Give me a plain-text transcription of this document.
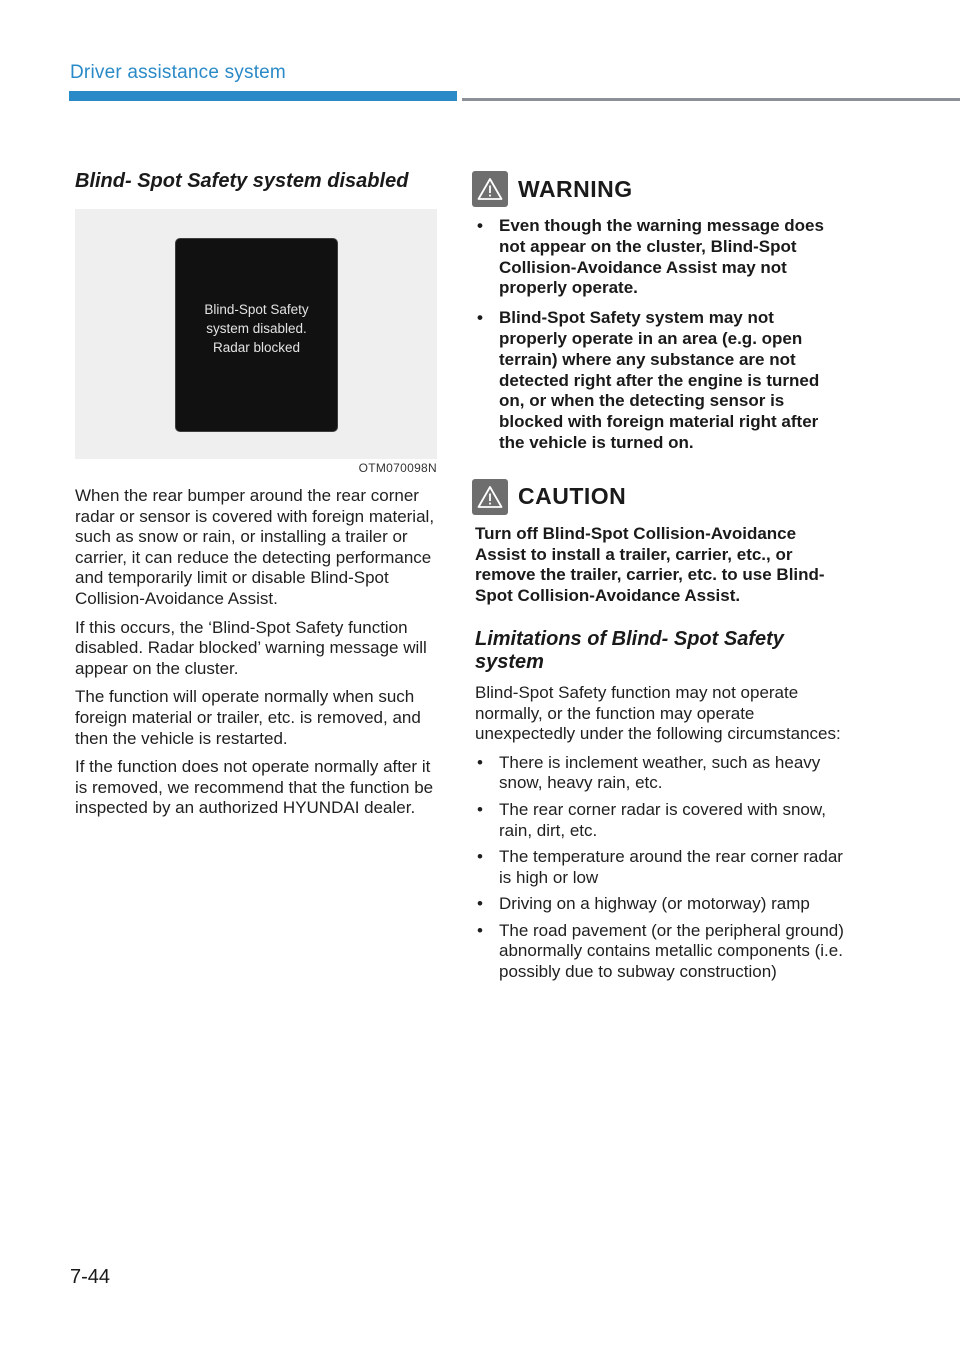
Driver assistance system
Blind- Spot Safety system disabled
Blind-Spot Safety
system disabled.
Radar blocked
OTM070098N

When the rear bumper around the rear corner radar or sensor is covered with foreign material, such as snow or rain, or installing a trailer or carrier, it can reduce the detecting performance and temporarily limit or disable Blind-Spot Collision-Avoidance Assist.

If this occurs, the ‘Blind-Spot Safety function disabled. Radar blocked’ warning message will appear on the cluster.

The function will operate normally when such foreign material or trailer, etc. is removed, and then the vehicle is restarted.

If the function does not operate normally after it is removed, we recommend that the function be inspected by an authorized HYUNDAI dealer.

WARNING
• Even though the warning message does not appear on the cluster, Blind-Spot Collision-Avoidance Assist may not properly operate.
• Blind-Spot Safety system may not properly operate in an area (e.g. open terrain) where any substance are not detected right after the engine is turned on, or when the detecting sensor is blocked with foreign material right after the vehicle is turned on.
CAUTION

Turn off Blind-Spot Collision-Avoidance Assist to install a trailer, carrier, etc., or remove the trailer, carrier, etc. to use Blind-Spot Collision-Avoidance Assist.

Limitations of Blind- Spot Safety system

Blind-Spot Safety function may not operate normally, or the function may operate unexpectedly under the following circumstances:

• There is inclement weather, such as heavy snow, heavy rain, etc.
• The rear corner radar is covered with snow, rain, dirt, etc.
• The temperature around the rear corner radar is high or low
• Driving on a highway (or motorway) ramp
• The road pavement (or the peripheral ground) abnormally contains metallic components (i.e. possibly due to subway construction)
7-44
